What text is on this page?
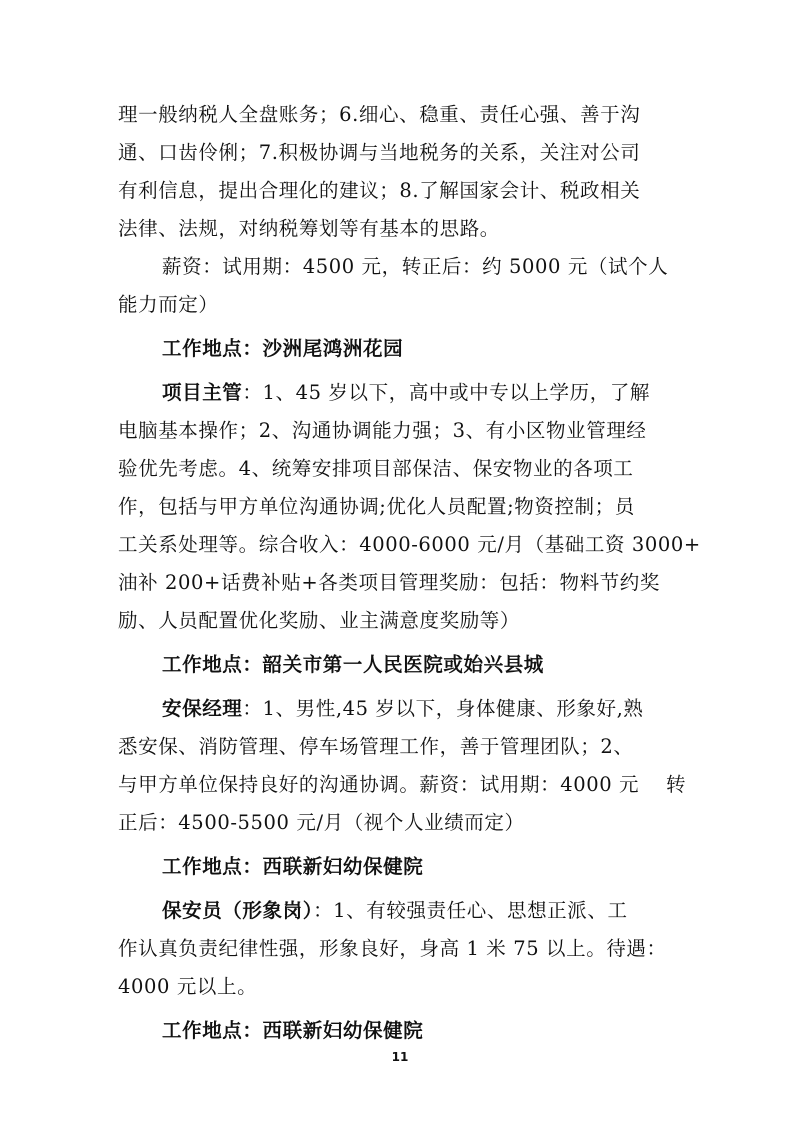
理一般纳税人全盘账务；6.细心、稳重、责任心强、善于沟
通、口齿伶俐；7.积极协调与当地税务的关系，关注对公司
有利信息，提出合理化的建议；8.了解国家会计、税政相关
法律、法规，对纳税筹划等有基本的思路。
薪资：试用期：4500 元，转正后：约 5000 元（试个人
能力而定）
工作地点：沙洲尾鸿洲花园
项目主管：1、45 岁以下，高中或中专以上学历，了解
电脑基本操作；2、沟通协调能力强；3、有小区物业管理经
验优先考虑。4、统筹安排项目部保洁、保安物业的各项工
作，包括与甲方单位沟通协调;优化人员配置;物资控制；员
工关系处理等。综合收入：4000-6000 元/月（基础工资 3000+
油补 200+话费补贴+各类项目管理奖励：包括：物料节约奖
励、人员配置优化奖励、业主满意度奖励等）
工作地点：韶关市第一人民医院或始兴县城
安保经理：1、男性,45 岁以下，身体健康、形象好,熟
悉安保、消防管理、停车场管理工作，善于管理团队；2、
与甲方单位保持良好的沟通协调。薪资：试用期：4000 元　 转
正后：4500-5500 元/月（视个人业绩而定）
工作地点：西联新妇幼保健院
保安员（形象岗）：1、有较强责任心、思想正派、工
作认真负责纪律性强，形象良好，身高 1 米 75 以上。待遇：
4000 元以上。
工作地点：西联新妇幼保健院
11
